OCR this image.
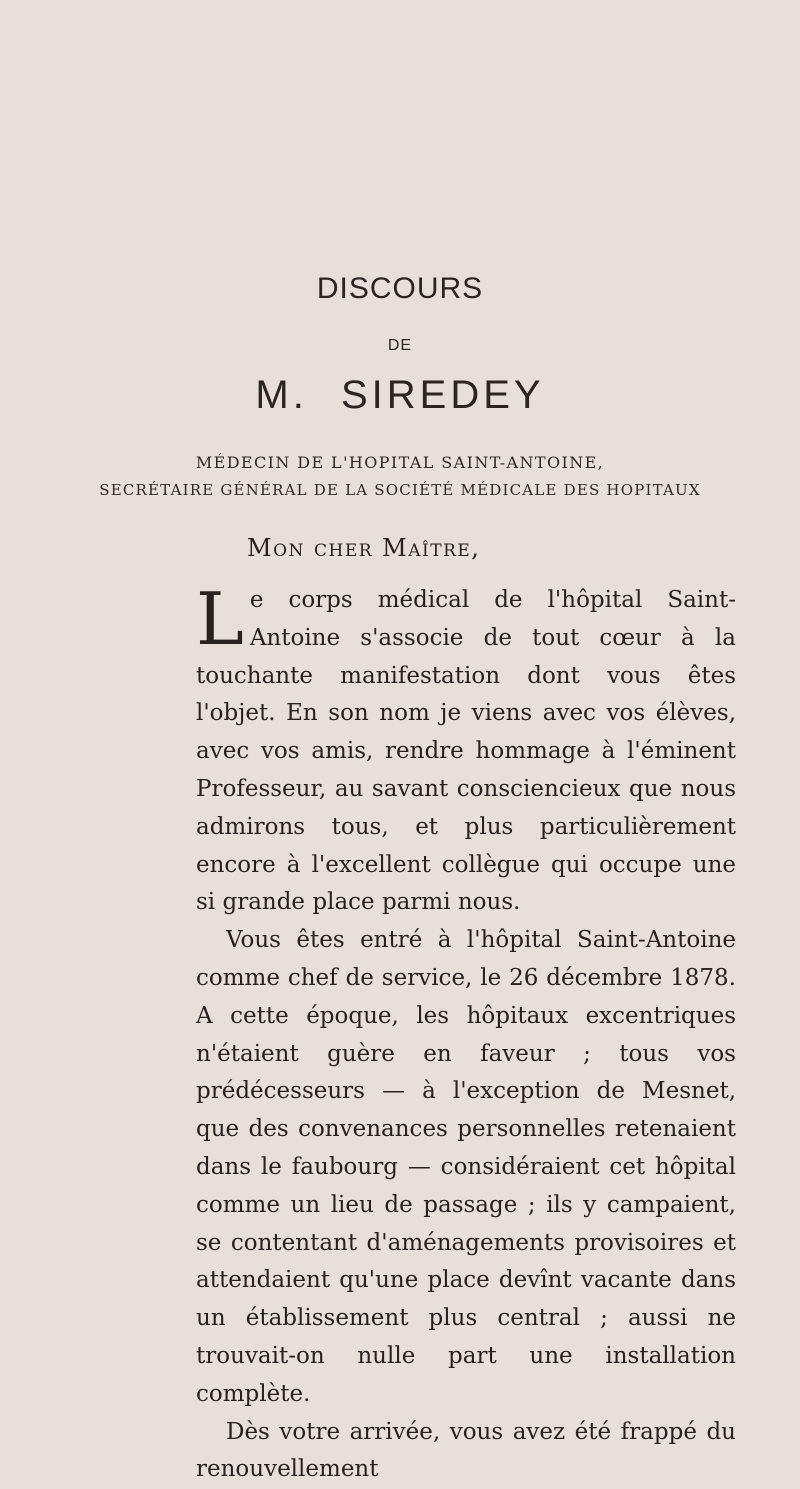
DISCOURS
DE
M. SIREDEY
MÉDECIN DE L'HOPITAL SAINT-ANTOINE,
SECRÉTAIRE GÉNÉRAL DE LA SOCIÉTÉ MÉDICALE DES HOPITAUX
Mon cher Maître,

Le corps médical de l'hôpital Saint-Antoine s'associe de tout cœur à la touchante manifestation dont vous êtes l'objet. En son nom je viens avec vos élèves, avec vos amis, rendre hommage à l'éminent Professeur, au savant consciencieux que nous admirons tous, et plus particulièrement encore à l'excellent collègue qui occupe une si grande place parmi nous.

Vous êtes entré à l'hôpital Saint-Antoine comme chef de service, le 26 décembre 1878. A cette époque, les hôpitaux excentriques n'étaient guère en faveur ; tous vos prédécesseurs — à l'exception de Mesnet, que des convenances personnelles retenaient dans le faubourg — considéraient cet hôpital comme un lieu de passage ; ils y campaient, se contentant d'aménagements provisoires et attendaient qu'une place devînt vacante dans un établissement plus central ; aussi ne trouvait-on nulle part une installation complète.

Dès votre arrivée, vous avez été frappé du renouvellement
